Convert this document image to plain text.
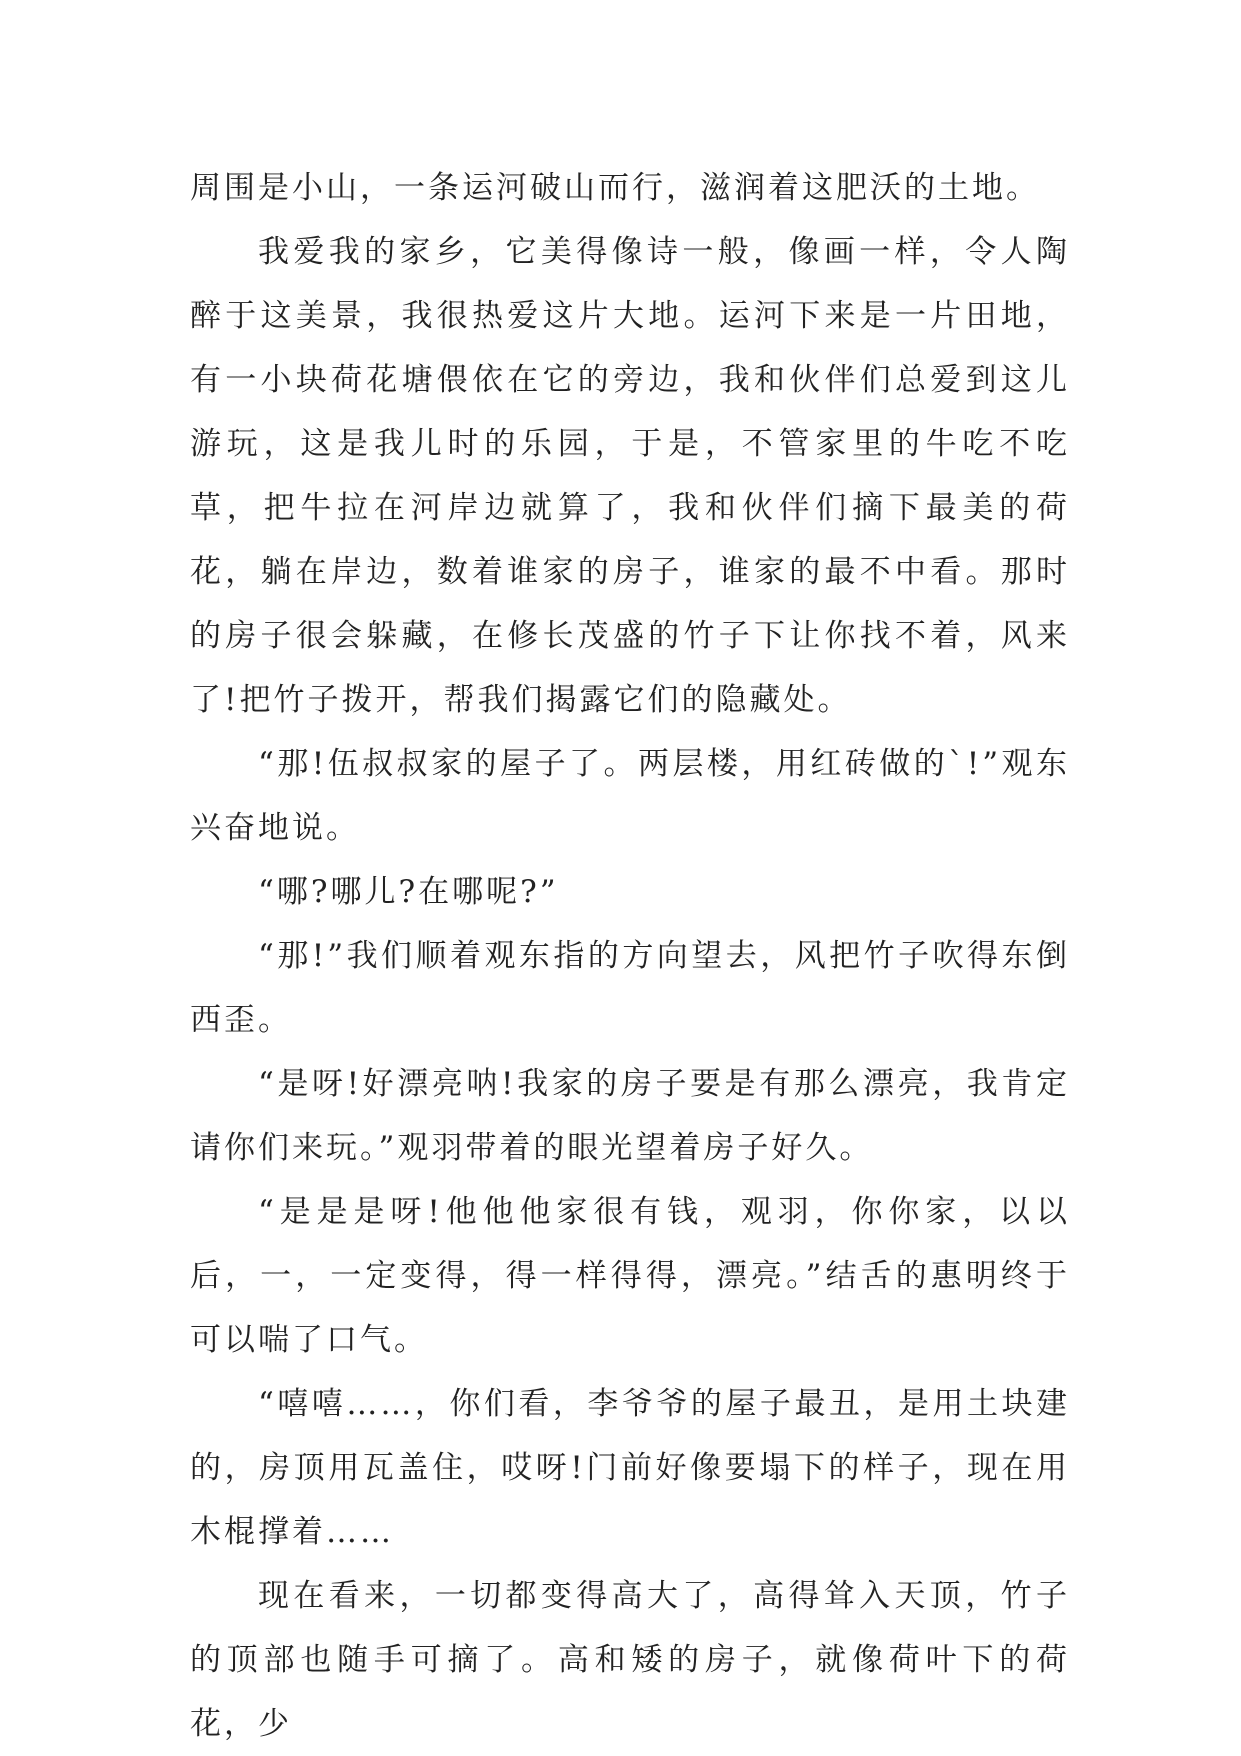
周围是小山，一条运河破山而行，滋润着这肥沃的土地。

我爱我的家乡，它美得像诗一般，像画一样，令人陶醉于这美景，我很热爱这片大地。运河下来是一片田地，有一小块荷花塘偎依在它的旁边，我和伙伴们总爱到这儿游玩，这是我儿时的乐园，于是，不管家里的牛吃不吃草，把牛拉在河岸边就算了，我和伙伴们摘下最美的荷花，躺在岸边，数着谁家的房子，谁家的最不中看。那时的房子很会躲藏，在修长茂盛的竹子下让你找不着，风来了!把竹子拨开，帮我们揭露它们的隐藏处。

“那!伍叔叔家的屋子了。两层楼，用红砖做的`!”观东兴奋地说。

“哪?哪儿?在哪呢?”

“那!”我们顺着观东指的方向望去，风把竹子吹得东倒西歪。

“是呀!好漂亮呐!我家的房子要是有那么漂亮，我肯定请你们来玩。”观羽带着的眼光望着房子好久。

“是是是呀!他他他家很有钱，观羽，你你家，以以后，一，一定变得，得一样得得，漂亮。”结舌的惠明终于可以喘了口气。

“嘻嘻……，你们看，李爷爷的屋子最丑，是用土块建的，房顶用瓦盖住，哎呀!门前好像要塌下的样子，现在用木棍撑着……

现在看来，一切都变得高大了，高得耸入天顶，竹子的顶部也随手可摘了。高和矮的房子，就像荷叶下的荷花，少
